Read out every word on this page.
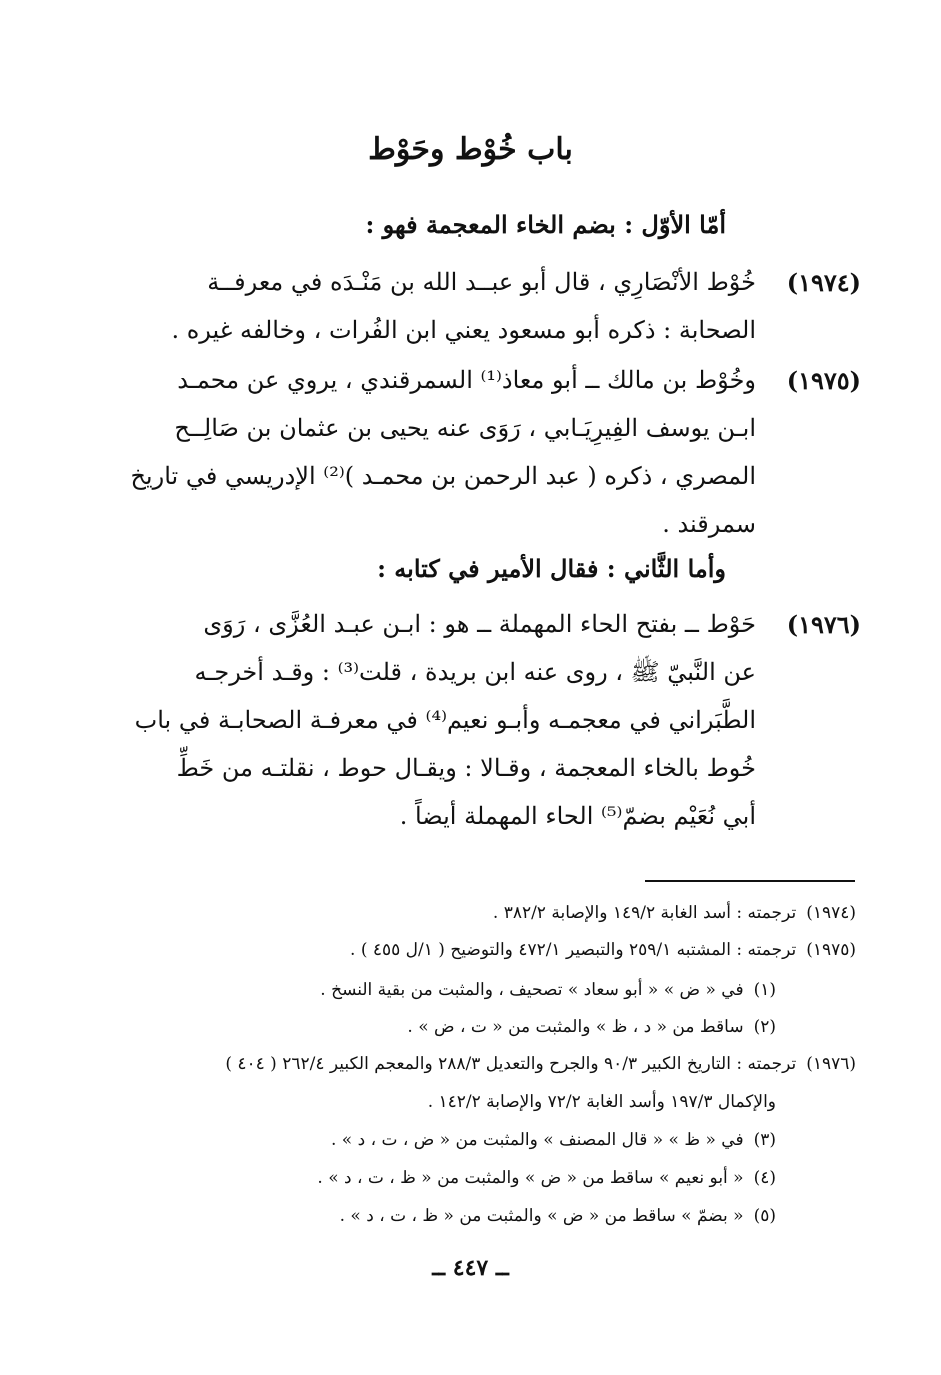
باب خُوْط وحَوْط
أمّا الأوّل : بضم الخاء المعجمة فهو :
(١٩٧٤)
خُوْط الأنْصَارِي ، قال أبو عبــد الله بن مَنْـدَه في معرفــة
الصحابة : ذكره أبو مسعود يعني ابن الفُرات ، وخالفه غيره .
(١٩٧٥)
وخُوْط بن مالك ــ أبو معاذ⁽¹⁾ السمرقندي ، يروي عن محمـد
ابـن يوسف الفِيرِيَـابي ، رَوَى عنه يحيى بن عثمان بن صَالِــح
المصري ، ذكره ( عبد الرحمن بن محمـد )⁽²⁾ الإدريسي في تاريخ
سمرقند .
وأما الثَّاني : فقال الأمير في كتابه :
(١٩٧٦)
حَوْط ــ بفتح الحاء المهملة ــ هو : ابـن عبـد العُزَّى ، رَوَى
عن النَّبيّ ﷺ ، روى عنه ابن بريدة ، قلت⁽³⁾ : وقـد أخرجـه
الطَّبَراني في معجمـه وأبـو نعيم⁽⁴⁾ في معرفـة الصحابـة في باب
خُوط بالخاء المعجمة ، وقـالا : ويقـال حوط ، نقلتـه من خَطِّ
أبي نُعَيْم بضمّ⁽⁵⁾ الحاء المهملة أيضاً .
(١٩٧٤)ترجمته : أسد الغابة ١٤٩/٢ والإصابة ٣٨٢/٢ .
(١٩٧٥)ترجمته : المشتبه ٢٥٩/١ والتبصير ٤٧٢/١ والتوضيح ( ١/ل ٤٥٥ ) .
(١)في « ض » « أبو سعاد » تصحيف ، والمثبت من بقية النسخ .
(٢)ساقط من « د ، ظ » والمثبت من « ت ، ض » .
(١٩٧٦)ترجمته : التاريخ الكبير ٩٠/٣ والجرح والتعديل ٢٨٨/٣ والمعجم الكبير ٢٦٢/٤ ( ٤٠٤ )
والإكمال ١٩٧/٣ وأسد الغابة ٧٢/٢ والإصابة ١٤٢/٢ .
(٣)في « ظ » « قال المصنف » والمثبت من « ض ، ت ، د » .
(٤)« أبو نعيم » ساقط من « ض » والمثبت من « ظ ، ت ، د » .
(٥)« بضمّ » ساقط من « ض » والمثبت من « ظ ، ت ، د » .
ــ ٤٤٧ ــ
